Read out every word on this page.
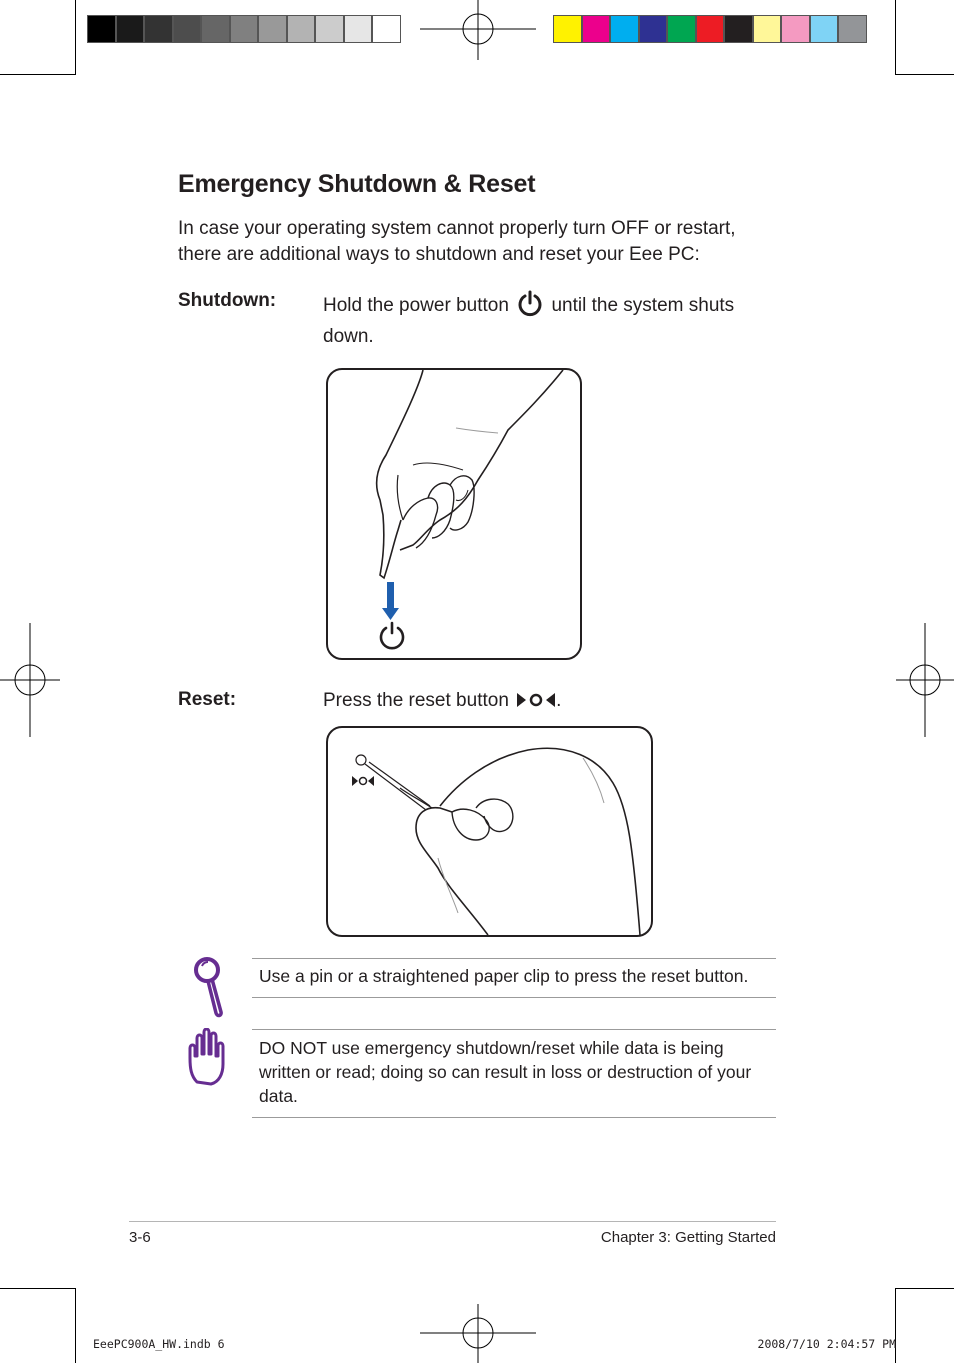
Emergency Shutdown & Reset
In case your operating system cannot properly turn OFF or restart, there are additional ways to shutdown and reset your Eee PC:
Shutdown: Hold the power button until the system shuts down.
Reset:	Press the reset button .
Use a pin or a straightened paper clip to press the reset button.
DO NOT use emergency shutdown/reset while data is being written or read; doing so can result in loss or destruction of your data.
3-6	Chapter 3: Getting Started
EeePC900A_HW.indb 6	2008/7/10 2:04:57 PM
